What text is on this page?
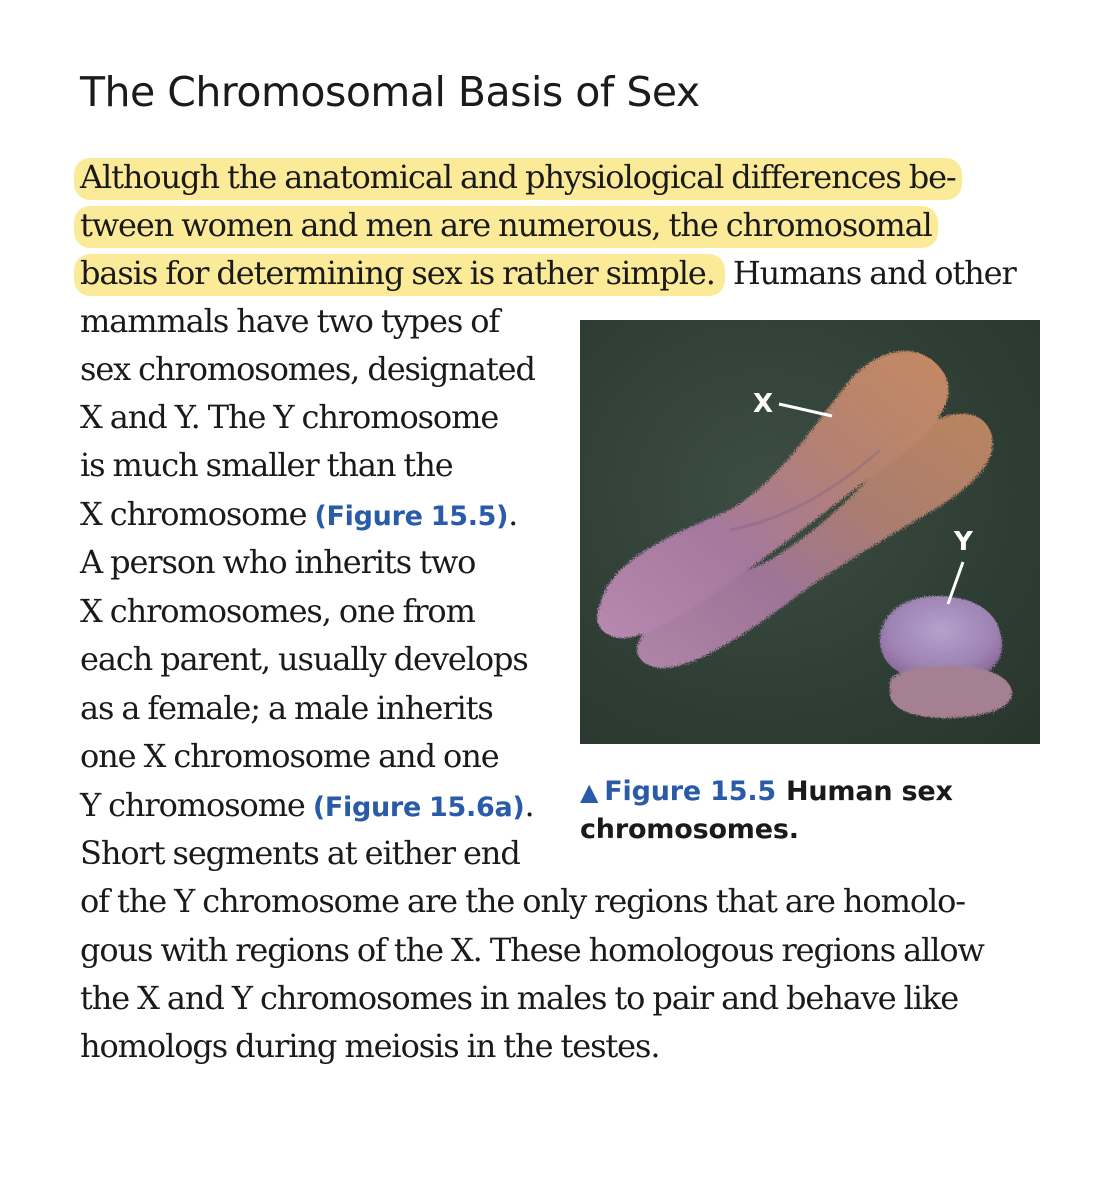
The Chromosomal Basis of Sex
Although the anatomical and physiological differences be-
tween women and men are numerous, the chromosomal
basis for determining sex is rather simple. Humans and other
mammals have two types of
sex chromosomes, designated
X and Y. The Y chromosome
is much smaller than the
X chromosome (Figure 15.5).
A person who inherits two
X chromosomes, one from
each parent, usually develops
as a female; a male inherits
one X chromosome and one
Y chromosome (Figure 15.6a).
Short segments at either end
of the Y chromosome are the only regions that are homolo-
gous with regions of the X. These homologous regions allow
the X and Y chromosomes in males to pair and behave like
homologs during meiosis in the testes.
X
Y
▲ Figure 15.5 Human sex chromosomes.
